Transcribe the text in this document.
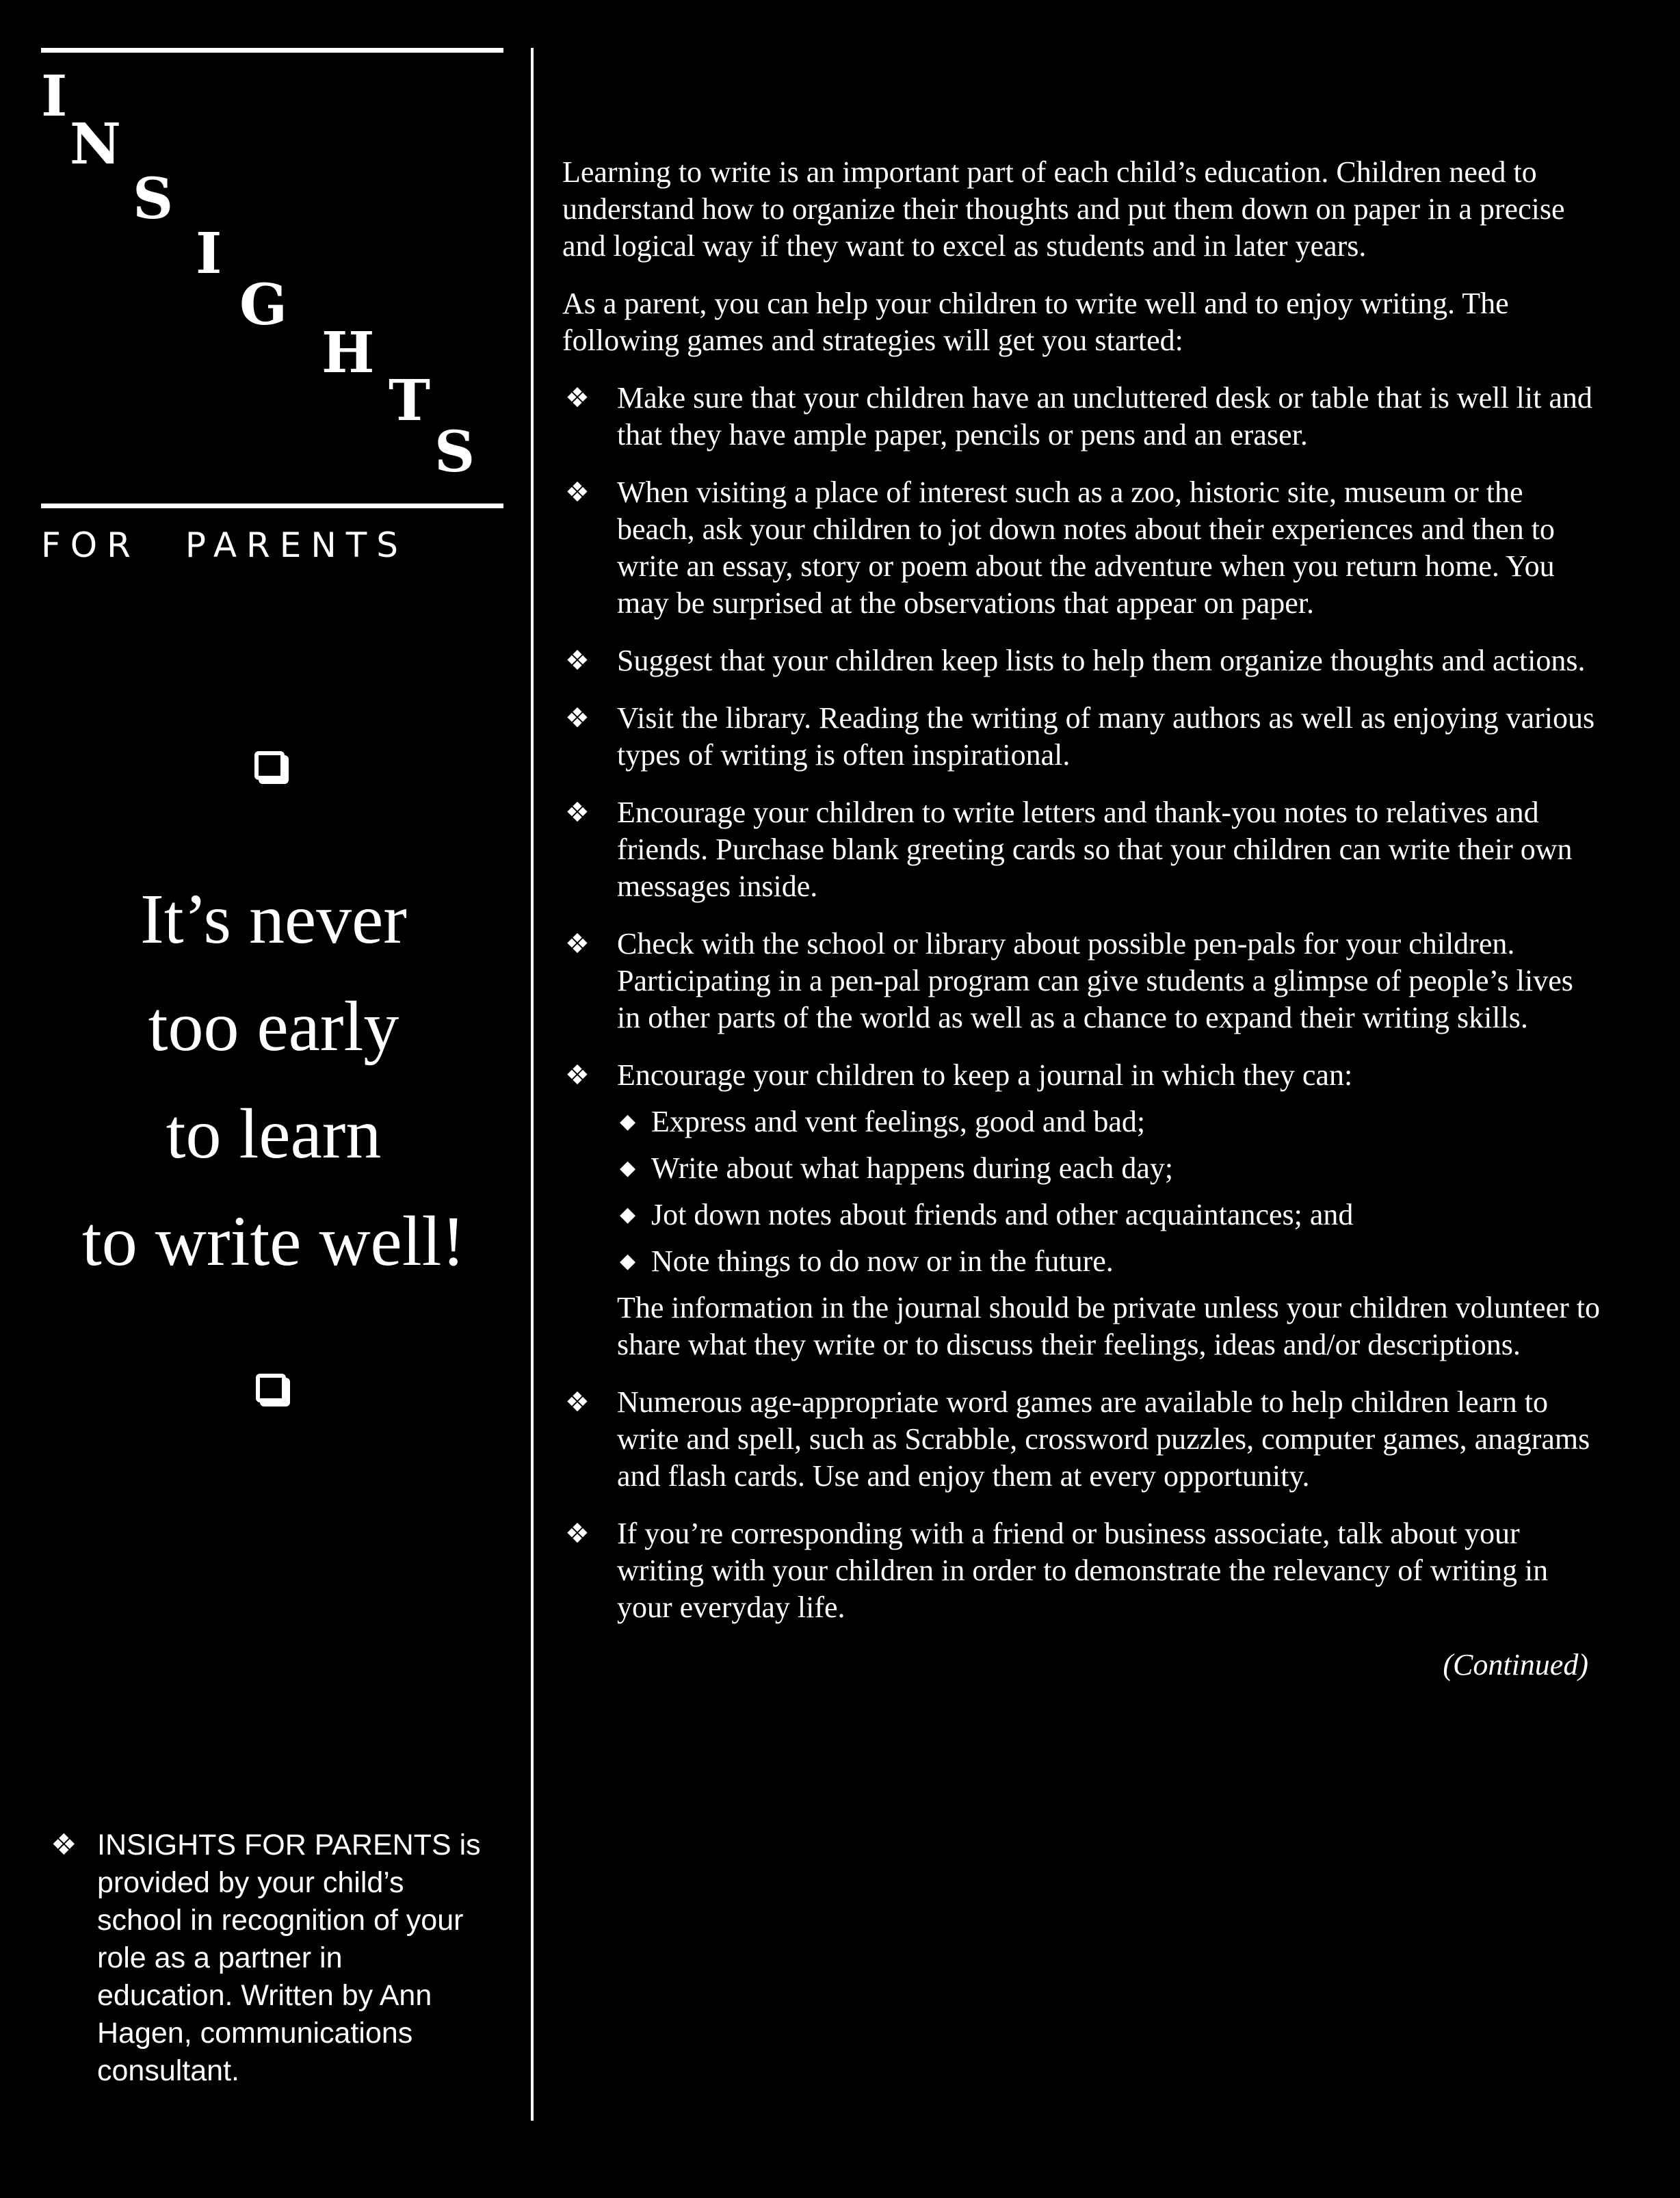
I
N
S
I
G
H
T
S
FOR PARENTS
It’s never
too early
to learn
to write well!
❖ INSIGHTS FOR PARENTS is
provided by your child’s
school in recognition of your
role as a partner in
education. Written by Ann
Hagen, communications
consultant.

Learning to write is an important part of each child’s education. Children need to understand how to organize their thoughts and put them down on paper in a precise and logical way if they want to excel as students and in later years.

As a parent, you can help your children to write well and to enjoy writing. The following games and strategies will get you started:

❖ Make sure that your children have an uncluttered desk or table that is well lit and that they have ample paper, pencils or pens and an eraser.
❖ When visiting a place of interest such as a zoo, historic site, museum or the beach, ask your children to jot down notes about their experiences and then to write an essay, story or poem about the adventure when you return home. You may be surprised at the observations that appear on paper.
❖ Suggest that your children keep lists to help them organize thoughts and actions.
❖ Visit the library. Reading the writing of many authors as well as enjoying various types of writing is often inspirational.
❖ Encourage your children to write letters and thank-you notes to relatives and friends. Purchase blank greeting cards so that your children can write their own messages inside.
❖ Check with the school or library about possible pen-pals for your children. Participating in a pen-pal program can give students a glimpse of people’s lives in other parts of the world as well as a chance to expand their writing skills.
❖ Encourage your children to keep a journal in which they can:
◆ Express and vent feelings, good and bad;
◆ Write about what happens during each day;
◆ Jot down notes about friends and other acquaintances; and
◆ Note things to do now or in the future.
The information in the journal should be private unless your children volunteer to share what they write or to discuss their feelings, ideas and/or descriptions.
❖ Numerous age-appropriate word games are available to help children learn to write and spell, such as Scrabble, crossword puzzles, computer games, anagrams and flash cards. Use and enjoy them at every opportunity.
❖ If you’re corresponding with a friend or business associate, talk about your writing with your children in order to demonstrate the relevancy of writing in your everyday life.
(Continued)
